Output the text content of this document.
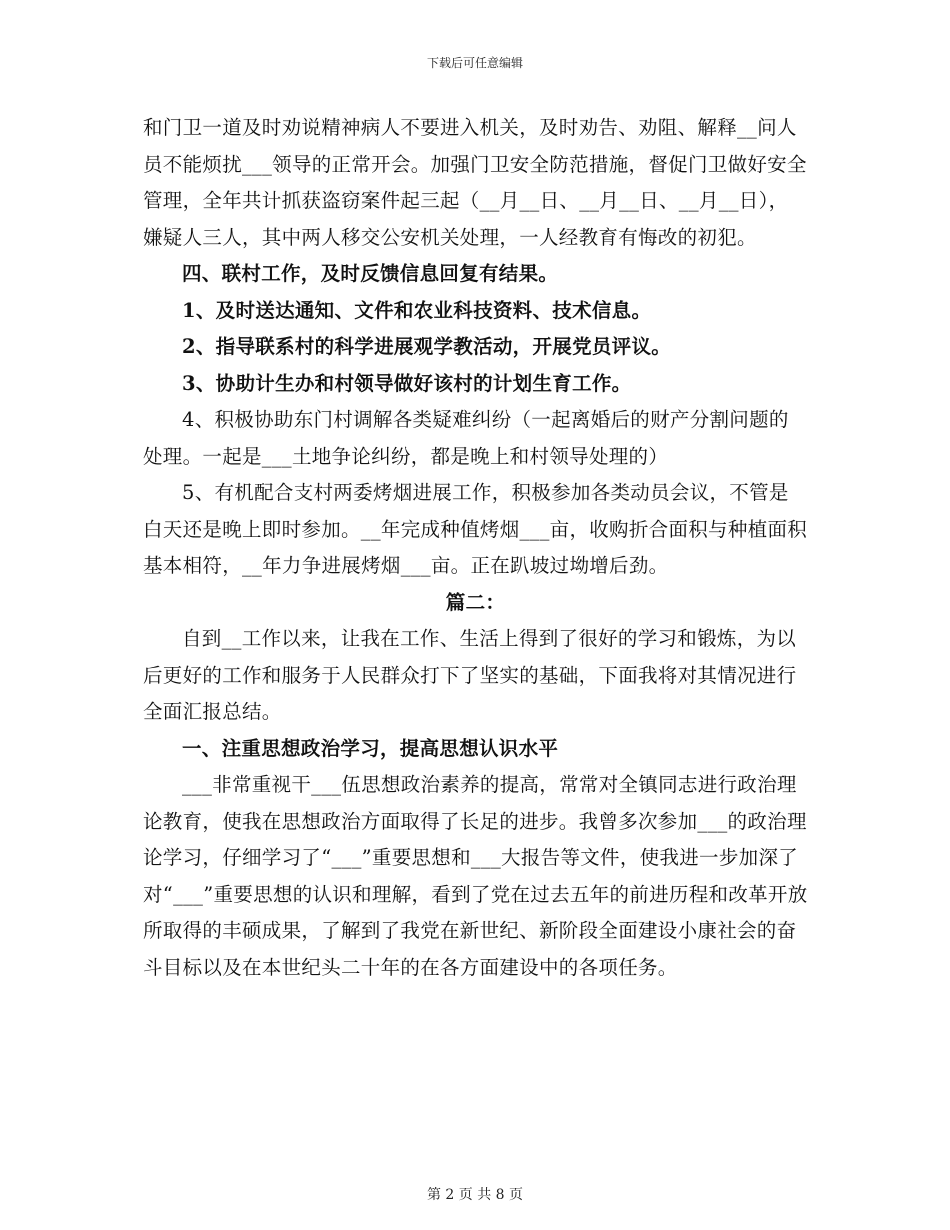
下载后可任意编辑

和门卫一道及时劝说精神病人不要进入机关，及时劝告、劝阻、解释__问人员不能烦扰___领导的正常开会。加强门卫安全防范措施，督促门卫做好安全管理，全年共计抓获盗窃案件起三起（__月__日、__月__日、__月__日），嫌疑人三人，其中两人移交公安机关处理，一人经教育有悔改的初犯。

四、联村工作，及时反馈信息回复有结果。

1、及时送达通知、文件和农业科技资料、技术信息。

2、指导联系村的科学进展观学教活动，开展党员评议。

3、协助计生办和村领导做好该村的计划生育工作。

4、积极协助东门村调解各类疑难纠纷（一起离婚后的财产分割问题的处理。一起是___土地争论纠纷，都是晚上和村领导处理的）

5、有机配合支村两委烤烟进展工作，积极参加各类动员会议，不管是白天还是晚上即时参加。__年完成种值烤烟___亩，收购折合面积与种植面积基本相符，__年力争进展烤烟___亩。正在趴坡过坳增后劲。

篇二：

自到__工作以来，让我在工作、生活上得到了很好的学习和锻炼，为以后更好的工作和服务于人民群众打下了坚实的基础，下面我将对其情况进行全面汇报总结。

一、注重思想政治学习，提高思想认识水平

___非常重视干___伍思想政治素养的提高，常常对全镇同志进行政治理论教育，使我在思想政治方面取得了长足的进步。我曾多次参加___的政治理论学习，仔细学习了“___”重要思想和___大报告等文件，使我进一步加深了对“___”重要思想的认识和理解，看到了党在过去五年的前进历程和改革开放所取得的丰硕成果，了解到了我党在新世纪、新阶段全面建设小康社会的奋斗目标以及在本世纪头二十年的在各方面建设中的各项任务。

第 2 页 共 8 页
